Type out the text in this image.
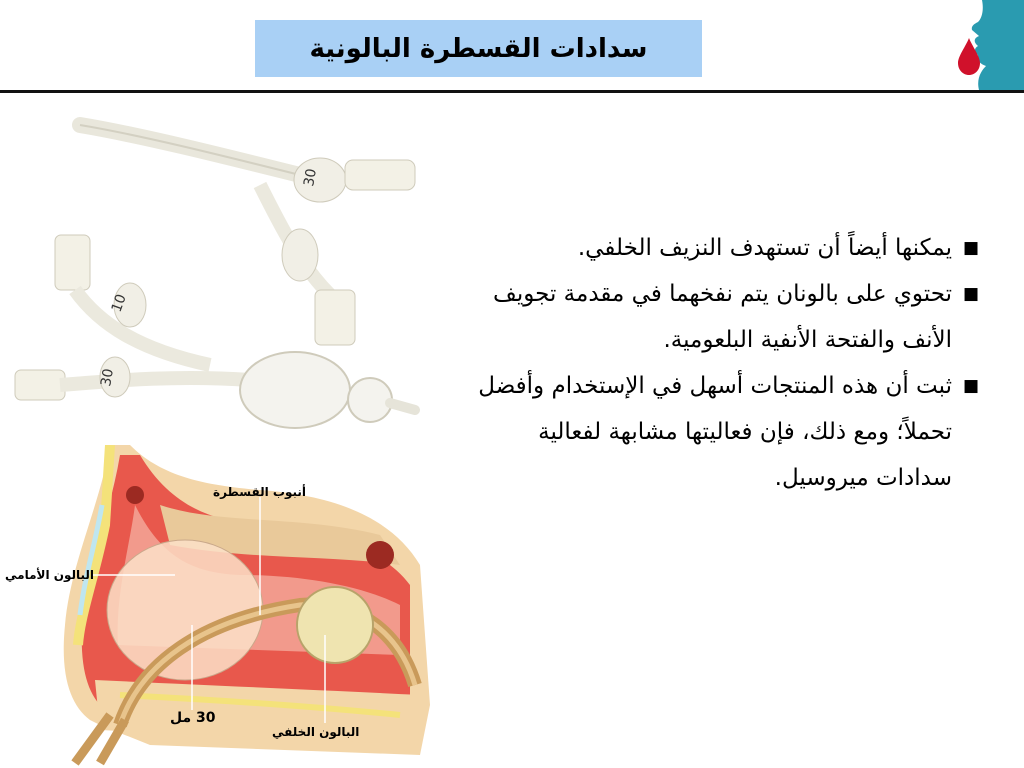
سدادات القسطرة البالونية
30
10
30
أنبوب القسطرة
البالون الأمامي
30 مل
البالون الخلفي
■
يمكنها أيضاً أن تستهدف النزيف الخلفي.
■
تحتوي على بالونان يتم نفخهما في مقدمة تجويف الأنف والفتحة الأنفية البلعومية.
■
ثبت أن هذه المنتجات أسهل في الإستخدام وأفضل تحملاً؛ ومع ذلك، فإن فعاليتها مشابهة لفعالية سدادات ميروسيل.
